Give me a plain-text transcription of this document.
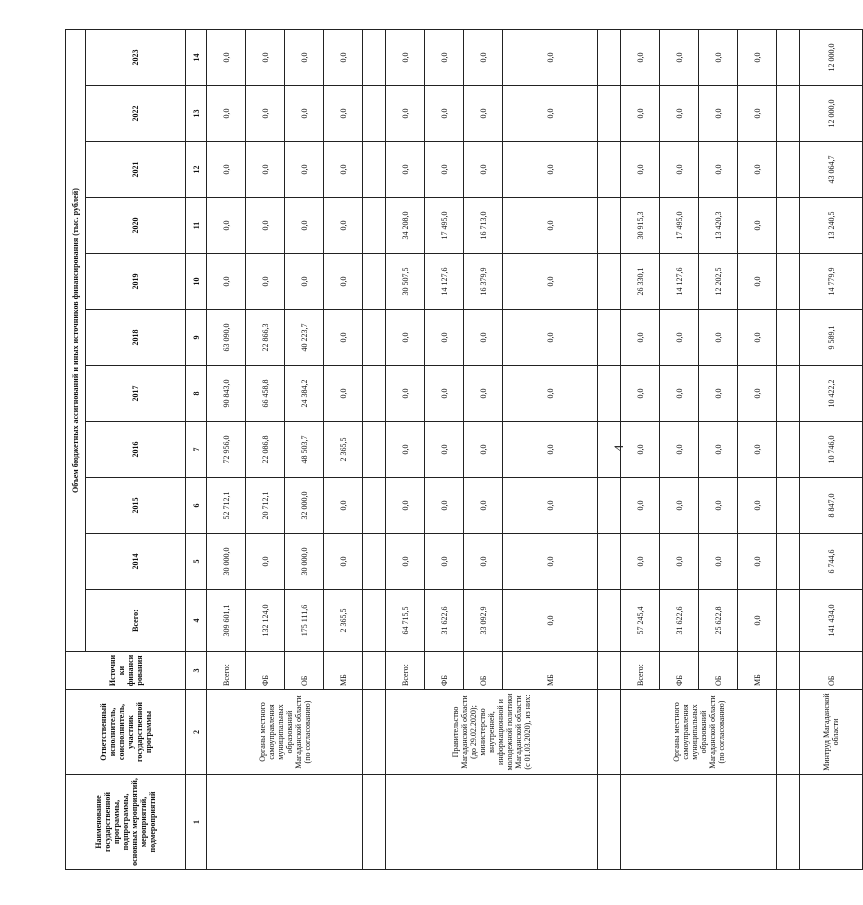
4
Наименование государственной программы, подпрограммы, основных мероприятий, мероприятий, подмероприятий	Ответственный исполнитель, соисполнитель, участник государственной программы	Источники финансирования	Объем бюджетных ассигнований и иных источников финансирования (тыс. рублей)										
			Всего:	2014	2015	2016	2017	2018	2019	2020	2021	2022	2023
1	2	3	4	5	6	7	8	9	10	11	12	13	14
	Органы местного самоуправления муниципальных образований Магаданской области (по согласованию)	Всего:	309 601,1	30 000,0	52 712,1	72 956,0	90 843,0	63 090,0	0,0	0,0	0,0	0,0	0,0
		ФБ	132 124,0	0,0	20 712,1	22 086,8	66 458,8	22 866,3	0,0	0,0	0,0	0,0	0,0
		ОБ	175 111,6	30 000,0	32 000,0	48 503,7	24 384,2	40 223,7	0,0	0,0	0,0	0,0	0,0
		МБ	2 365,5	0,0	0,0	2 365,5	0,0	0,0	0,0	0,0	0,0	0,0	0,0

	Правительство Магаданской области (до 29.02.2020); министерство внутренней, информационной и молодежной политики Магаданской области (с 01.03.2020), из них:	Всего:	64 715,5	0,0	0,0	0,0	0,0	0,0	30 507,5	34 208,0	0,0	0,0	0,0
		ФБ	31 622,6	0,0	0,0	0,0	0,0	0,0	14 127,6	17 495,0	0,0	0,0	0,0
		ОБ	33 092,9	0,0	0,0	0,0	0,0	0,0	16 379,9	16 713,0	0,0	0,0	0,0
		МБ	0,0	0,0	0,0	0,0	0,0	0,0	0,0	0,0	0,0	0,0	0,0

	Органы местного самоуправления муниципальных образований Магаданской области (по согласованию)	Всего:	57 245,4	0,0	0,0	0,0	0,0	0,0	26 330,1	30 915,3	0,0	0,0	0,0
		ФБ	31 622,6	0,0	0,0	0,0	0,0	0,0	14 127,6	17 495,0	0,0	0,0	0,0
		ОБ	25 622,8	0,0	0,0	0,0	0,0	0,0	12 202,5	13 420,3	0,0	0,0	0,0
		МБ	0,0	0,0	0,0	0,0	0,0	0,0	0,0	0,0	0,0	0,0	0,0

	Минтруд Магаданской области	ОБ	141 434,0	6 744,6	8 847,0	10 746,0	10 422,2	9 589,1	14 779,9	13 240,5	43 064,7	12 000,0	12 000,0
